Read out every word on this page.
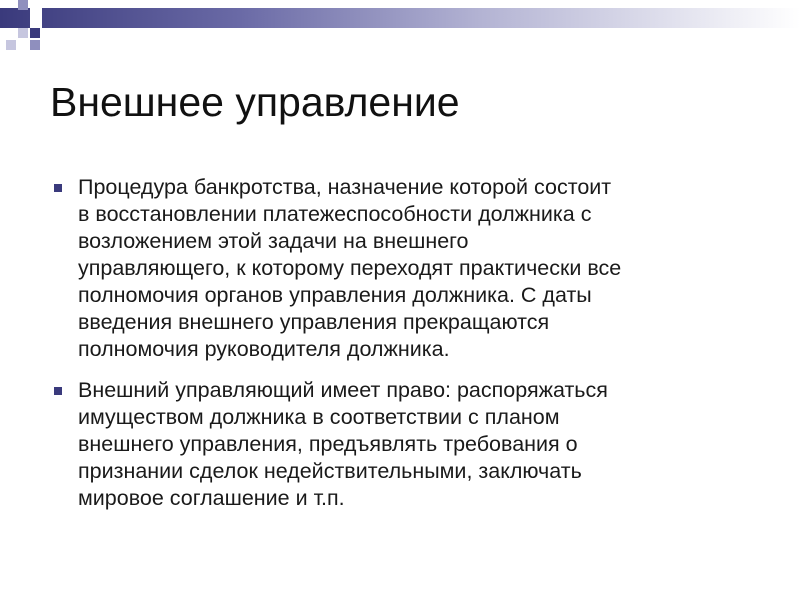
Внешнее управление
Процедура банкротства, назначение которой состоит
в восстановлении платежеспособности должника с
возложением этой задачи на внешнего
управляющего, к которому переходят практически все
полномочия органов управления должника. С даты
введения внешнего управления прекращаются
полномочия руководителя должника.
Внешний управляющий имеет право: распоряжаться
имуществом должника в соответствии с планом
внешнего управления, предъявлять требования о
признании сделок недействительными, заключать
мировое соглашение и т.п.
